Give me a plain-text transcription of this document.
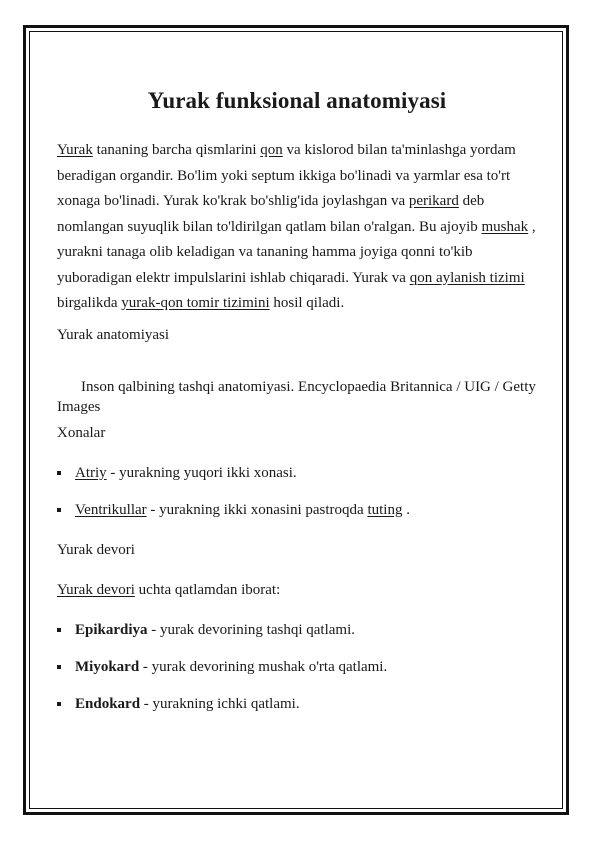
Yurak funksional anatomiyasi

Yurak tananing barcha qismlarini qon va kislorod bilan ta'minlashga yordam beradigan organdir. Bo'lim yoki septum ikkiga bo'linadi va yarmlar esa to'rt xonaga bo'linadi. Yurak ko'krak bo'shlig'ida joylashgan va perikard deb nomlangan suyuqlik bilan to'ldirilgan qatlam bilan o'ralgan. Bu ajoyib mushak , yurakni tanaga olib keladigan va tananing hamma joyiga qonni to'kib yuboradigan elektr impulslarini ishlab chiqaradi. Yurak va qon aylanish tizimi birgalikda yurak-qon tomir tizimini hosil qiladi.

Yurak anatomiyasi

Inson qalbining tashqi anatomiyasi. Encyclopaedia Britannica / UIG / Getty Images

Xonalar

Atriy - yurakning yuqori ikki xonasi.
Ventrikullar - yurakning ikki xonasini pastroqda tuting .

Yurak devori

Yurak devori uchta qatlamdan iborat:

Epikardiya - yurak devorining tashqi qatlami.
Miyokard - yurak devorining mushak o'rta qatlami.
Endokard - yurakning ichki qatlami.
